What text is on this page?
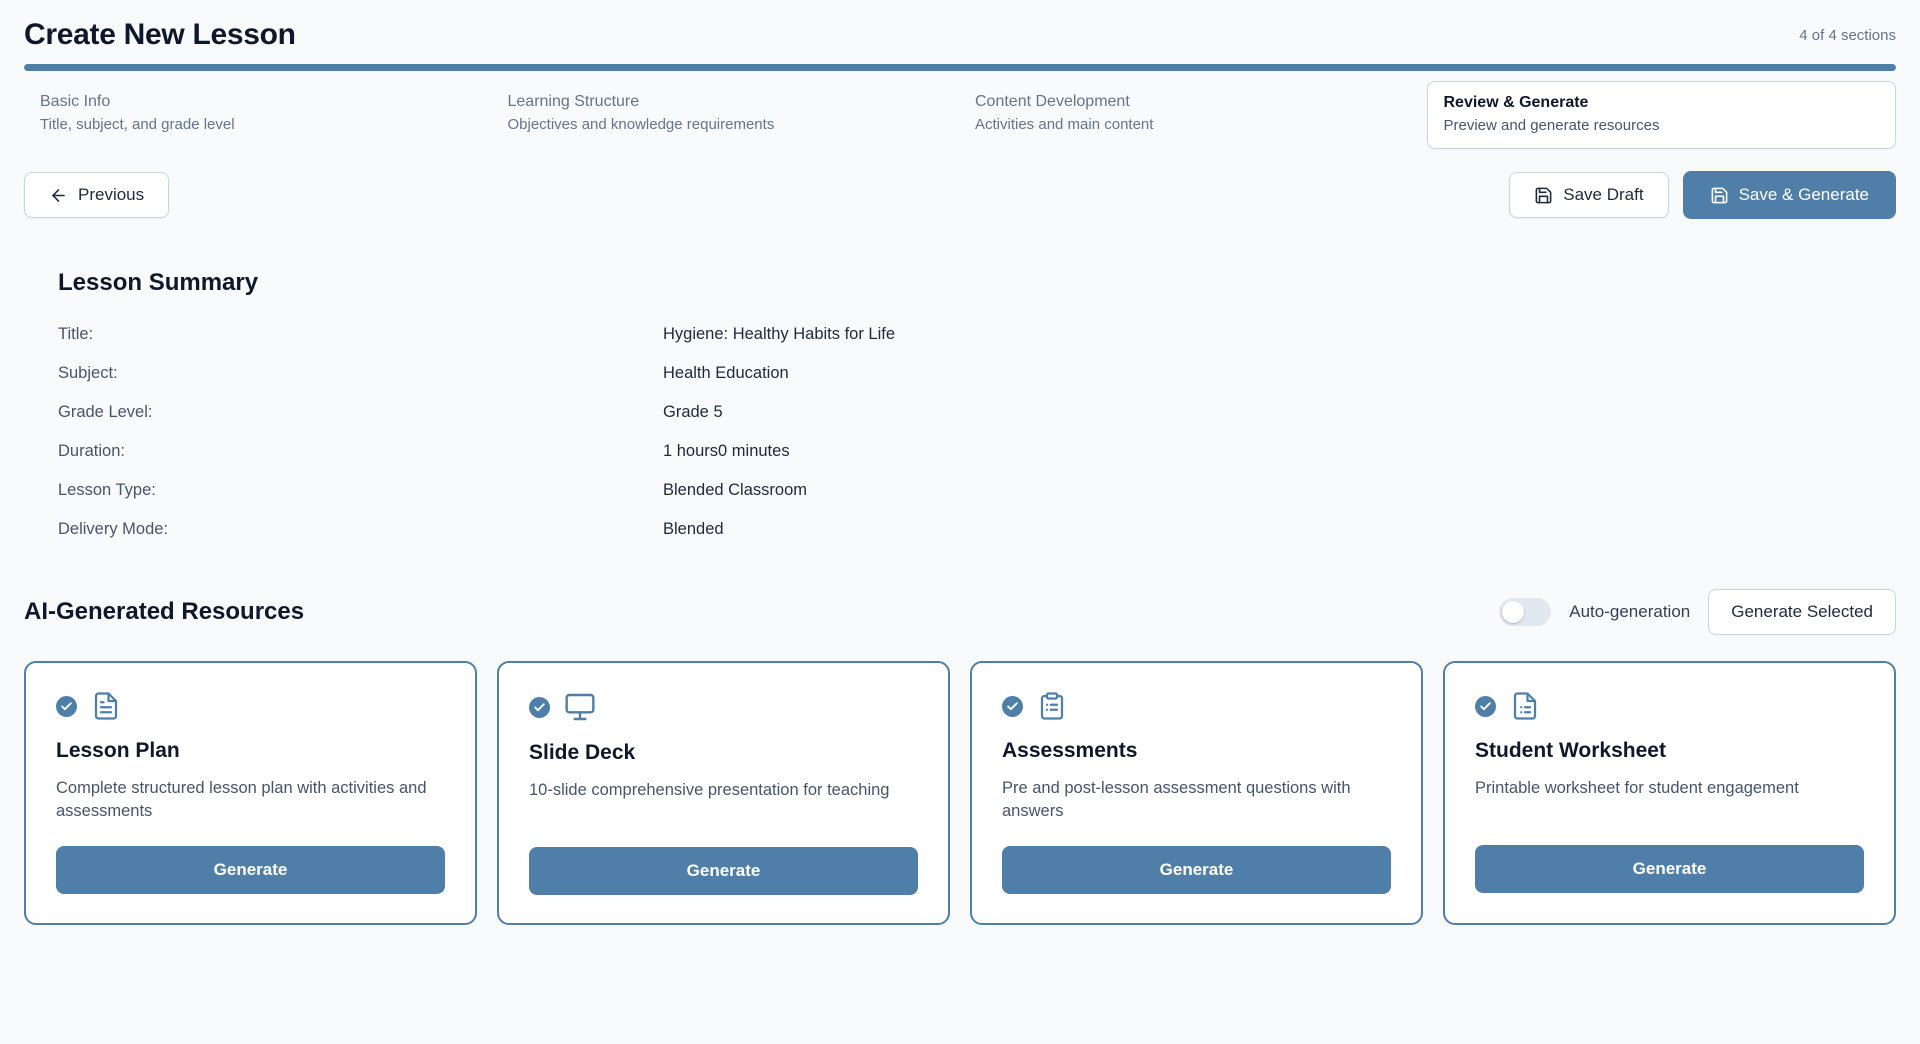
Create New Lesson	4 of 4 sections
Basic Info
Title, subject, and grade level
Learning Structure
Objectives and knowledge requirements
Content Development
Activities and main content
Review & Generate
Preview and generate resources
Previous	Save Draft	Save & Generate
Lesson Summary
Title:	Hygiene: Healthy Habits for Life
Subject:	Health Education
Grade Level:	Grade 5
Duration:	1 hours0 minutes
Lesson Type:	Blended Classroom
Delivery Mode:	Blended
AI-Generated Resources	Auto-generation	Generate Selected
Lesson Plan
Complete structured lesson plan with activities and assessments
Generate
Slide Deck
10-slide comprehensive presentation for teaching
Generate
Assessments
Pre and post-lesson assessment questions with answers
Generate
Student Worksheet
Printable worksheet for student engagement
Generate
